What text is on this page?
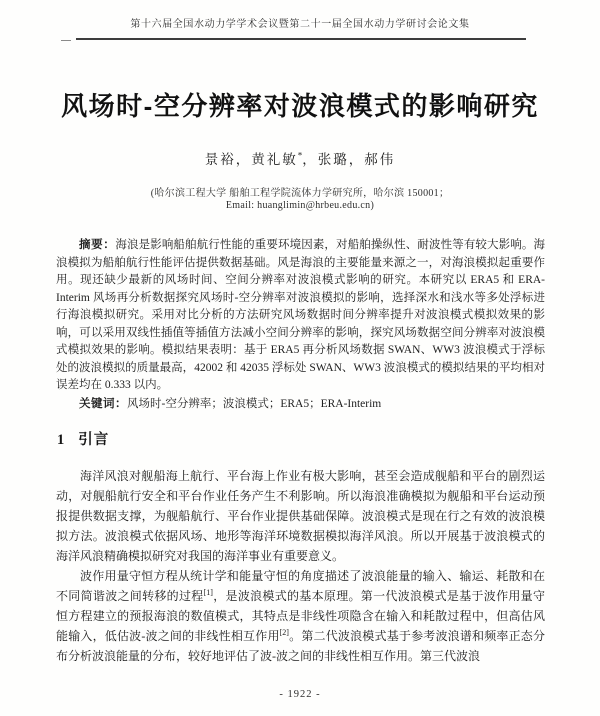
第十六届全国水动力学学术会议暨第二十一届全国水动力学研讨会论文集
风场时-空分辨率对波浪模式的影响研究
景裕，黄礼敏*，张璐，郝伟
(哈尔滨工程大学 船舶工程学院流体力学研究所，哈尔滨 150001；
Email: huanglimin@hrbeu.edu.cn)
摘要：海浪是影响船舶航行性能的重要环境因素，对船舶操纵性、耐波性等有较大影响。海浪模拟为船舶航行性能评估提供数据基础。风是海浪的主要能量来源之一，对海浪模拟起重要作用。现还缺少最新的风场时间、空间分辨率对波浪模式影响的研究。本研究以 ERA5 和 ERA-Interim 风场再分析数据探究风场时-空分辨率对波浪模拟的影响，选择深水和浅水等多处浮标进行海浪模拟研究。采用对比分析的方法研究风场数据时间分辨率提升对波浪模式模拟效果的影响，可以采用双线性插值等插值方法减小空间分辨率的影响，探究风场数据空间分辨率对波浪模式模拟效果的影响。模拟结果表明：基于 ERA5 再分析风场数据 SWAN、WW3 波浪模式于浮标处的波浪模拟的质量最高，42002 和 42035 浮标处 SWAN、WW3 波浪模式的模拟结果的平均相对误差均在 0.333 以内。
关键词：风场时-空分辨率；波浪模式；ERA5；ERA-Interim
1 引言

海洋风浪对舰船海上航行、平台海上作业有极大影响，甚至会造成舰船和平台的剧烈运动，对舰船航行安全和平台作业任务产生不利影响。所以海浪准确模拟为舰船和平台运动预报提供数据支撑，为舰船航行、平台作业提供基础保障。波浪模式是现在行之有效的波浪模拟方法。波浪模式依据风场、地形等海洋环境数据模拟海洋风浪。所以开展基于波浪模式的海洋风浪精确模拟研究对我国的海洋事业有重要意义。

波作用量守恒方程从统计学和能量守恒的角度描述了波浪能量的输入、输运、耗散和在不同简谐波之间转移的过程[1]，是波浪模式的基本原理。第一代波浪模式是基于波作用量守恒方程建立的预报海浪的数值模式，其特点是非线性项隐含在输入和耗散过程中，但高估风能输入，低估波-波之间的非线性相互作用[2]。第二代波浪模式基于参考波浪谱和频率正态分布分析波浪能量的分布，较好地评估了波-波之间的非线性相互作用。第三代波浪

- 1922 -
